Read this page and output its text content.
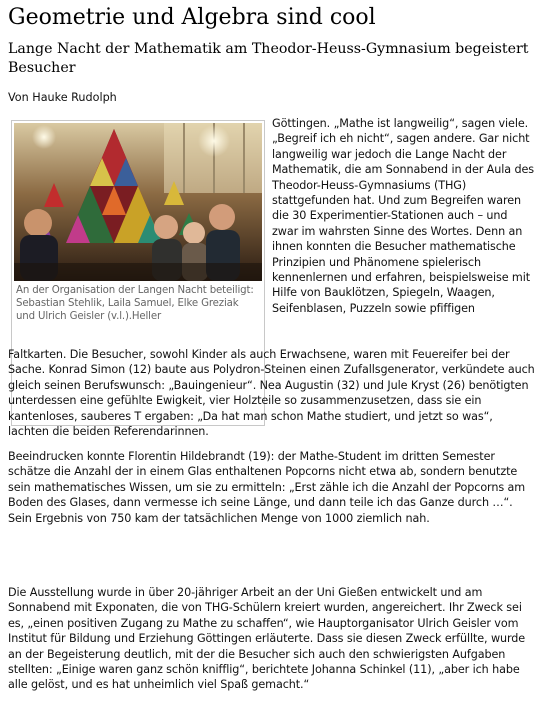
Geometrie und Algebra sind cool
Lange Nacht der Mathematik am Theodor-Heuss-Gymnasium begeistert Besucher

Von Hauke Rudolph

An der Organisation der Langen Nacht beteiligt: Sebastian Stehlik, Laila Samuel, Elke Greziak und Ulrich Geisler (v.l.).Heller

Göttingen. „Mathe ist langweilig“, sagen viele. „Begreif ich eh nicht“, sagen andere. Gar nicht langweilig war jedoch die Lange Nacht der Mathematik, die am Sonnabend in der Aula des Theodor-Heuss-Gymnasiums (THG) stattgefunden hat. Und zum Begreifen waren die 30 Experimentier-Stationen auch – und zwar im wahrsten Sinne des Wortes. Denn an ihnen konnten die Besucher mathematische Prinzipien und Phänomene spielerisch kennenlernen und erfahren, beispielsweise mit Hilfe von Bauklötzen, Spiegeln, Waagen, Seifenblasen, Puzzeln sowie pfiffigen

Faltkarten. Die Besucher, sowohl Kinder als auch Erwachsene, waren mit Feuereifer bei der Sache. Konrad Simon (12) baute aus Polydron-Steinen einen Zufallsgenerator, verkündete auch gleich seinen Berufswunsch: „Bauingenieur“. Nea Augustin (32) und Jule Kryst (26) benötigten unterdessen eine gefühlte Ewigkeit, vier Holzteile so zusammenzusetzen, dass sie ein kantenloses, sauberes T ergaben: „Da hat man schon Mathe studiert, und jetzt so was“, lachten die beiden Referendarinnen.

Beeindrucken konnte Florentin Hildebrandt (19): der Mathe-Student im dritten Semester schätze die Anzahl der in einem Glas enthaltenen Popcorns nicht etwa ab, sondern benutzte sein mathematisches Wissen, um sie zu ermitteln: „Erst zähle ich die Anzahl der Popcorns am Boden des Glases, dann vermesse ich seine Länge, und dann teile ich das Ganze durch …“. Sein Ergebnis von 750 kam der tatsächlichen Menge von 1000 ziemlich nah.

Die Ausstellung wurde in über 20-jähriger Arbeit an der Uni Gießen entwickelt und am Sonnabend mit Exponaten, die von THG-Schülern kreiert wurden, angereichert. Ihr Zweck sei es, „einen positiven Zugang zu Mathe zu schaffen“, wie Hauptorganisator Ulrich Geisler vom Institut für Bildung und Erziehung Göttingen erläuterte. Dass sie diesen Zweck erfüllte, wurde an der Begeisterung deutlich, mit der die Besucher sich auch den schwierigsten Aufgaben stellten: „Einige waren ganz schön knifflig“, berichtete Johanna Schinkel (11), „aber ich habe alle gelöst, und es hat unheimlich viel Spaß gemacht.“
